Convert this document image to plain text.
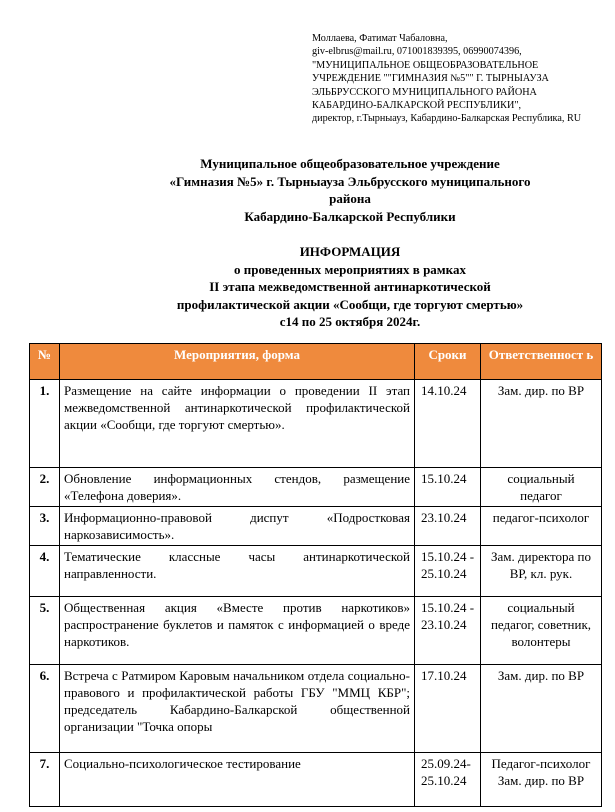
Моллаева, Фатимат Чабаловна,
giv-elbrus@mail.ru, 071001839395, 06990074396,
"МУНИЦИПАЛЬНОЕ ОБЩЕОБРАЗОВАТЕЛЬНОЕ
УЧРЕЖДЕНИЕ ""ГИМНАЗИЯ №5"" Г. ТЫРНЫАУЗА
ЭЛЬБРУССКОГО МУНИЦИПАЛЬНОГО РАЙОНА
КАБАРДИНО-БАЛКАРСКОЙ РЕСПУБЛИКИ",
директор, г.Тырныауз, Кабардино-Балкарская Республика, RU
Муниципальное общеобразовательное учреждение
«Гимназия №5» г. Тырныауза Эльбрусского муниципального
района
Кабардино-Балкарской Республики
ИНФОРМАЦИЯ
о проведенных мероприятиях в рамках
II этапа межведомственной антинаркотической
профилактической акции «Сообщи, где торгуют смертью»
с14 по 25 октября 2024г.
№	Мероприятия, форма	Сроки	Ответственност ь
1.	Размещение на сайте информации о проведении II этап межведомственной антинаркотической профилактической акции «Сообщи, где торгуют смертью».	14.10.24	Зам. дир. по ВР
2.	Обновление информационных стендов, размещение «Телефона доверия».	15.10.24	социальный педагог
3.	Информационно-правовой диспут «Подростковая наркозависимость».	23.10.24	педагог-психолог
4.	Тематические классные часы антинаркотической направленности.	15.10.24 - 25.10.24	Зам. директора по ВР, кл. рук.
5.	Общественная акция «Вместе против наркотиков» распространение буклетов и памяток с информацией о вреде наркотиков.	15.10.24 - 23.10.24	социальный педагог, советник, волонтеры
6.	Встреча с Ратмиром Каровым начальником отдела социально-правового и профилактической работы ГБУ "ММЦ КБР"; председатель Кабардино-Балкарской общественной организации "Точка опоры	17.10.24	Зам. дир. по ВР
7.	Социально-психологическое тестирование	25.09.24-25.10.24	Педагог-психолог Зам. дир. по ВР
